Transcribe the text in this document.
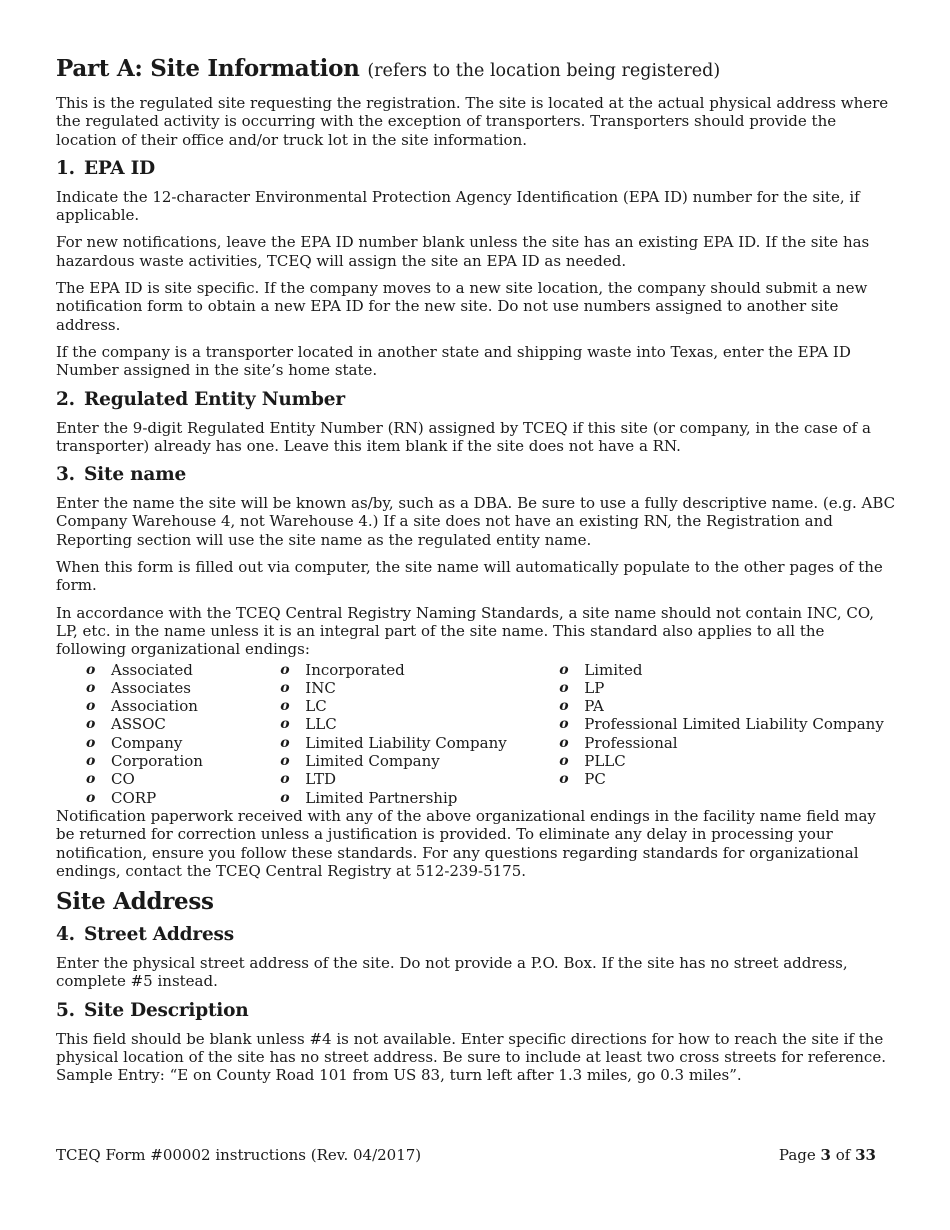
Part A: Site Information (refers to the location being registered)

This is the regulated site requesting the registration. The site is located at the actual physical address where the regulated activity is occurring with the exception of transporters. Transporters should provide the location of their office and/or truck lot in the site information.

1. EPA ID

Indicate the 12-character Environmental Protection Agency Identification (EPA ID) number for the site, if applicable.

For new notifications, leave the EPA ID number blank unless the site has an existing EPA ID. If the site has hazardous waste activities, TCEQ will assign the site an EPA ID as needed.

The EPA ID is site specific. If the company moves to a new site location, the company should submit a new notification form to obtain a new EPA ID for the new site. Do not use numbers assigned to another site address.

If the company is a transporter located in another state and shipping waste into Texas, enter the EPA ID Number assigned in the site’s home state.

2. Regulated Entity Number

Enter the 9-digit Regulated Entity Number (RN) assigned by TCEQ if this site (or company, in the case of a transporter) already has one. Leave this item blank if the site does not have a RN.

3. Site name

Enter the name the site will be known as/by, such as a DBA. Be sure to use a fully descriptive name. (e.g. ABC Company Warehouse 4, not Warehouse 4.) If a site does not have an existing RN, the Registration and Reporting section will use the site name as the regulated entity name.

When this form is filled out via computer, the site name will automatically populate to the other pages of the form.

In accordance with the TCEQ Central Registry Naming Standards, a site name should not contain INC, CO, LP, etc. in the name unless it is an integral part of the site name. This standard also applies to all the following organizational endings:

o Associated
o Associates
o Association
o ASSOC
o Company
o Corporation
o CO
o CORP
o Incorporated
o INC
o LC
o LLC
o Limited Liability Company
o Limited Company
o LTD
o Limited Partnership
o Limited
o LP
o PA
o Professional Limited Liability Company
o Professional
o PLLC
o PC

Notification paperwork received with any of the above organizational endings in the facility name field may be returned for correction unless a justification is provided. To eliminate any delay in processing your notification, ensure you follow these standards. For any questions regarding standards for organizational endings, contact the TCEQ Central Registry at 512-239-5175.

Site Address
4. Street Address

Enter the physical street address of the site. Do not provide a P.O. Box. If the site has no street address, complete #5 instead.

5. Site Description

This field should be blank unless #4 is not available. Enter specific directions for how to reach the site if the physical location of the site has no street address. Be sure to include at least two cross streets for reference. Sample Entry: “E on County Road 101 from US 83, turn left after 1.3 miles, go 0.3 miles”.

TCEQ Form #00002 instructions (Rev. 04/2017)	Page 3 of 33
